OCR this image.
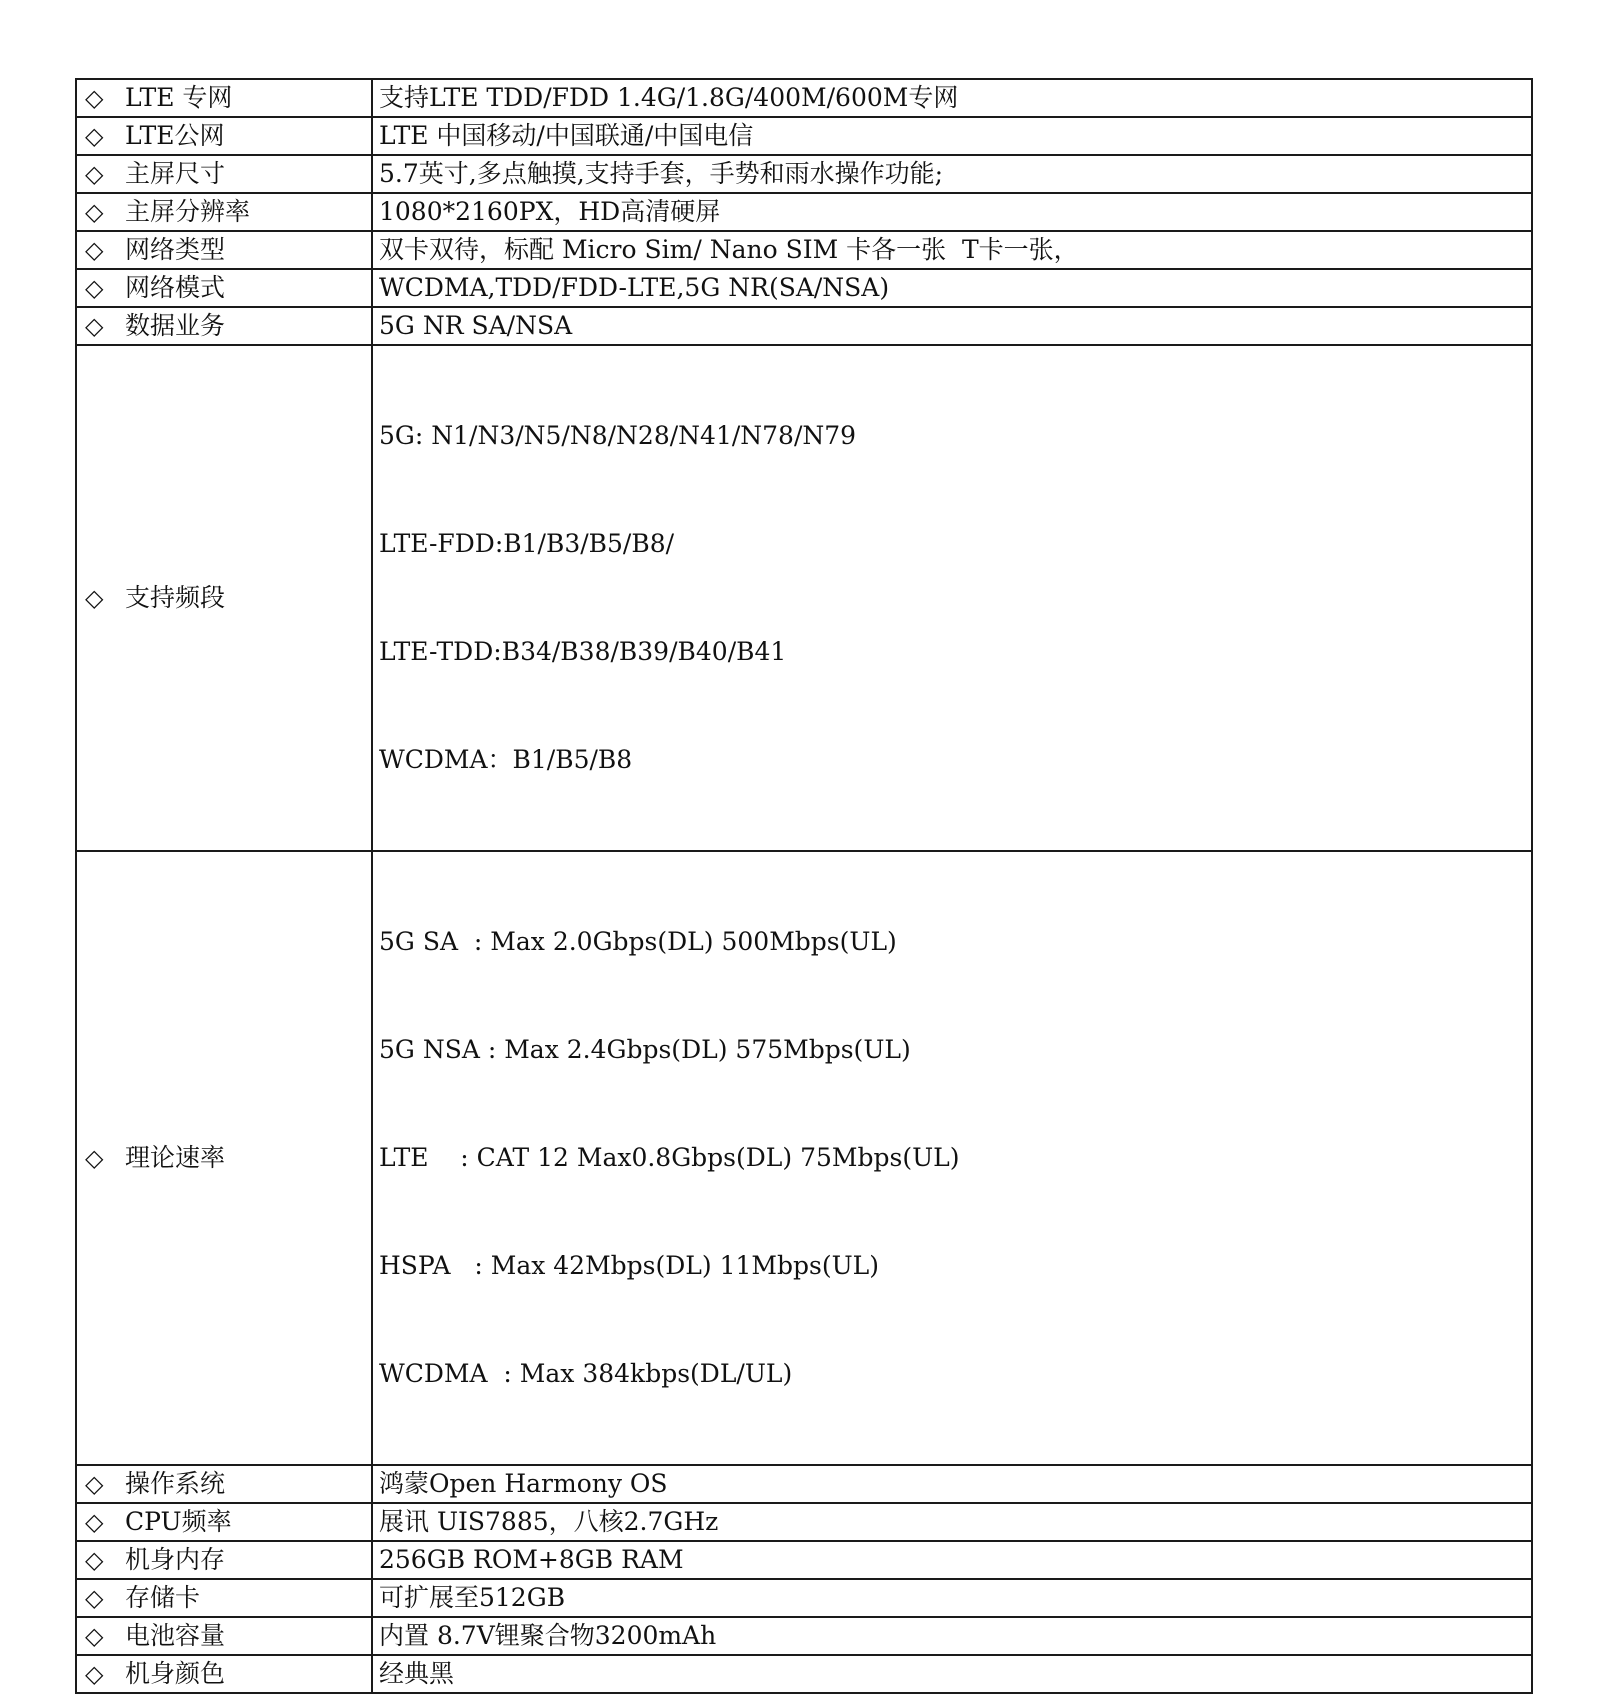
◇ LTE 专网	支持LTE TDD/FDD 1.4G/1.8G/400M/600M专网
◇ LTE公网	LTE 中国移动/中国联通/中国电信
◇ 主屏尺寸	5.7英寸,多点触摸,支持手套，手势和雨水操作功能;
◇ 主屏分辨率	1080*2160PX，HD高清硬屏
◇ 网络类型	双卡双待，标配 Micro Sim/ Nano SIM 卡各一张  T卡一张，
◇ 网络模式	WCDMA,TDD/FDD-LTE,5G NR(SA/NSA)
◇ 数据业务	5G NR SA/NSA
◇ 支持频段	5G: N1/N3/N5/N8/N28/N41/N78/N79

LTE-FDD:B1/B3/B5/B8/

LTE-TDD:B34/B38/B39/B40/B41

WCDMA：B1/B5/B8

◇ 理论速率	5G SA  : Max 2.0Gbps(DL) 500Mbps(UL)

5G NSA : Max 2.4Gbps(DL) 575Mbps(UL)

LTE    : CAT 12 Max0.8Gbps(DL) 75Mbps(UL)

HSPA   : Max 42Mbps(DL) 11Mbps(UL)

WCDMA  : Max 384kbps(DL/UL)

◇ 操作系统	鸿蒙Open Harmony OS
◇ CPU频率	展讯 UIS7885，八核2.7GHz
◇ 机身内存	256GB ROM+8GB RAM
◇ 存储卡	可扩展至512GB
◇ 电池容量	内置 8.7V锂聚合物3200mAh
◇ 机身颜色	经典黑
